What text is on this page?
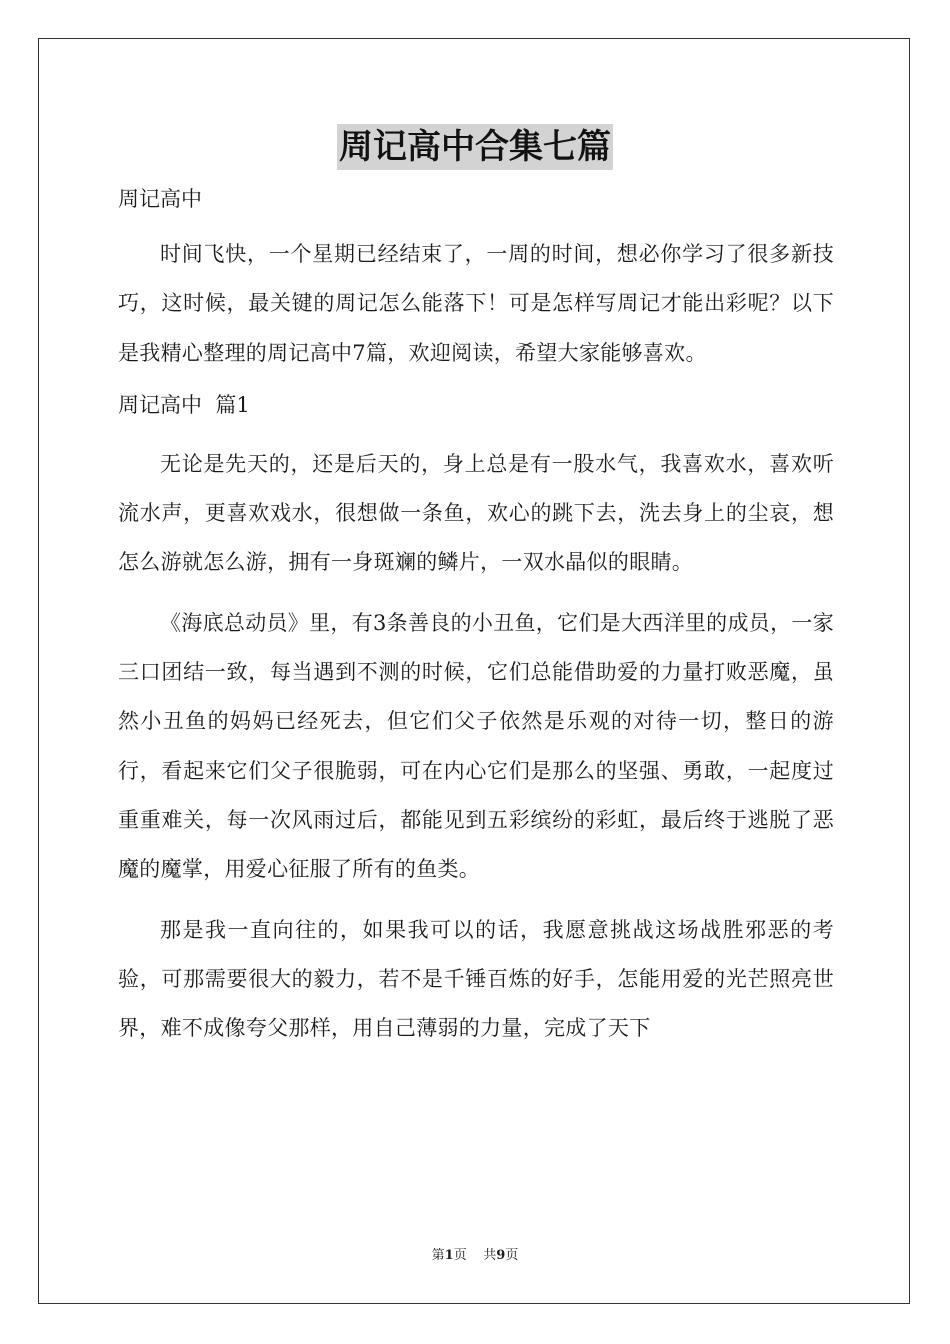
周记高中合集七篇

周记高中

时间飞快，一个星期已经结束了，一周的时间，想必你学习了很多新技巧，这时候，最关键的周记怎么能落下！可是怎样写周记才能出彩呢？以下是我精心整理的周记高中7篇，欢迎阅读，希望大家能够喜欢。

周记高中  篇1

无论是先天的，还是后天的，身上总是有一股水气，我喜欢水，喜欢听流水声，更喜欢戏水，很想做一条鱼，欢心的跳下去，洗去身上的尘哀，想怎么游就怎么游，拥有一身斑斓的鳞片，一双水晶似的眼睛。

《海底总动员》里，有3条善良的小丑鱼，它们是大西洋里的成员，一家三口团结一致，每当遇到不测的时候，它们总能借助爱的力量打败恶魔，虽然小丑鱼的妈妈已经死去，但它们父子依然是乐观的对待一切，整日的游行，看起来它们父子很脆弱，可在内心它们是那么的坚强、勇敢，一起度过重重难关，每一次风雨过后，都能见到五彩缤纷的彩虹，最后终于逃脱了恶魔的魔掌，用爱心征服了所有的鱼类。

那是我一直向往的，如果我可以的话，我愿意挑战这场战胜邪恶的考验，可那需要很大的毅力，若不是千锤百炼的好手，怎能用爱的光芒照亮世界，难不成像夸父那样，用自己薄弱的力量，完成了天下

第1页 共9页
